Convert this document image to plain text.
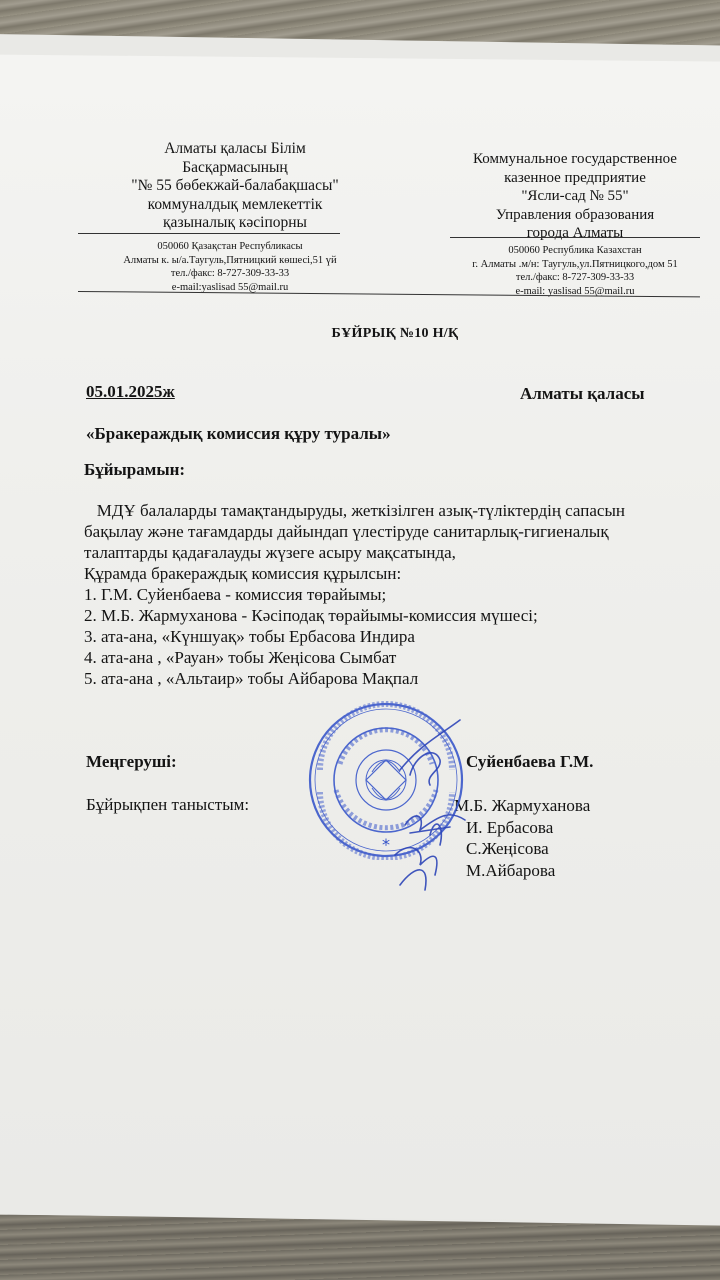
Алматы қаласы Білім
Басқармасының
"№ 55 бөбекжай-балабақшасы"
коммуналдық мемлекеттік
қазыналық кәсіпорны
050060 Қазақстан Республикасы
Алматы к. ы/а.Таугуль,Пятницкий көшесі,51 үй
тел./факс: 8-727-309-33-33
e-mail:yaslisad 55@mail.ru
Коммунальное государственное
казенное предприятие
"Ясли-сад № 55"
Управления образования
города Алматы
050060 Республика Казахстан
г. Алматы .м/н: Таугуль,ул.Пятницкого,дом 51
тел./факс: 8-727-309-33-33
e-mail: yaslisad 55@mail.ru
БҰЙРЫҚ №10 Н/Қ
05.01.2025ж	Алматы қаласы
«Бракераждық комиссия құру туралы»
Бұйырамын:
МДҰ балаларды тамақтандыруды, жеткізілген азық-түліктердің сапасын
бақылау және тағамдарды дайындап үлестіруде санитарлық-гигиеналық
талаптарды қадағалауды жүзеге асыру мақсатында,
Құрамда бракераждық комиссия құрылсын:
1. Г.М. Суйенбаева - комиссия төрайымы;
2. М.Б. Жармуханова - Кәсіподақ төрайымы-комиссия мүшесі;
3. ата-ана, «Күншуақ» тобы Ербасова Индира
4. ата-ана , «Рауан» тобы Жеңісова Сымбат
5. ата-ана , «Альтаир» тобы Айбарова Мақпал
Меңгеруші:	Суйенбаева Г.М.
Бұйрықпен таныстым:	М.Б. Жармуханова
И. Ербасова
С.Жеңісова
М.Айбарова
*
